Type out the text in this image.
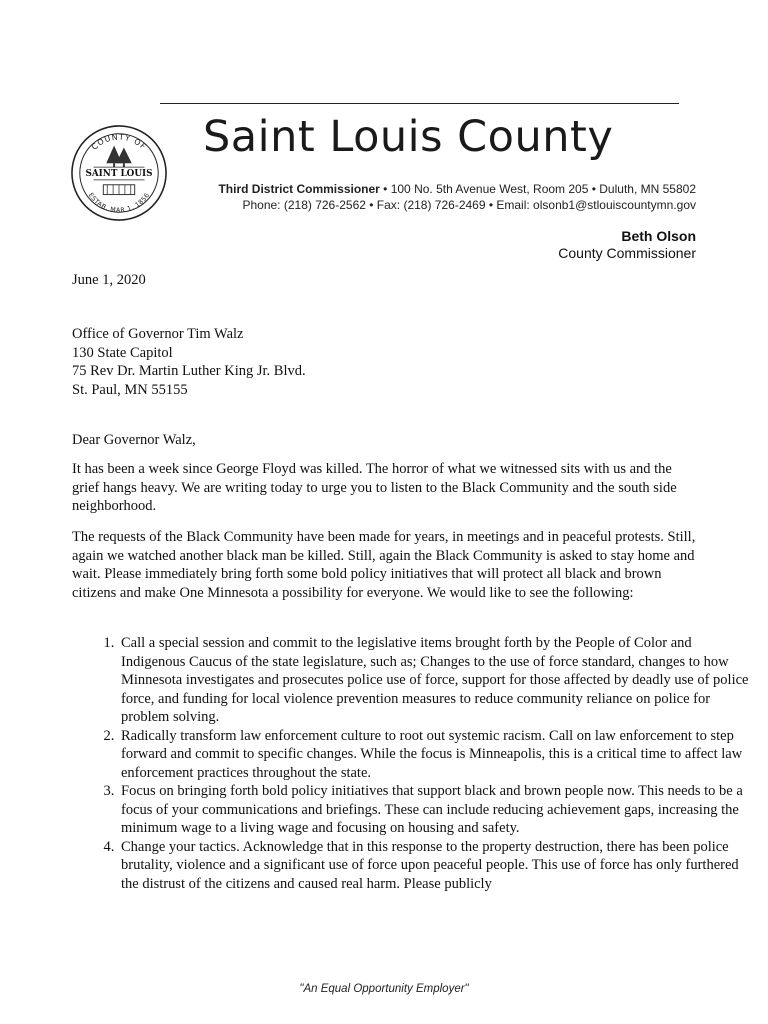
COUNTY OF
ESTAB. MAR 1, 1856
SAINT LOUIS
Saint Louis County
Third District Commissioner • 100 No. 5th Avenue West, Room 205 • Duluth, MN 55802
Phone: (218) 726-2562 • Fax: (218) 726-2469 • Email: olsonb1@stlouiscountymn.gov
Beth Olson
County Commissioner
June 1, 2020
Office of Governor Tim Walz
130 State Capitol
75 Rev Dr. Martin Luther King Jr. Blvd.
St. Paul, MN 55155
Dear Governor Walz,
It has been a week since George Floyd was killed. The horror of what we witnessed sits with us and the grief hangs heavy. We are writing today to urge you to listen to the Black Community and the south side neighborhood.
The requests of the Black Community have been made for years, in meetings and in peaceful protests. Still, again we watched another black man be killed. Still, again the Black Community is asked to stay home and wait. Please immediately bring forth some bold policy initiatives that will protect all black and brown citizens and make One Minnesota a possibility for everyone. We would like to see the following:
1. Call a special session and commit to the legislative items brought forth by the People of Color and Indigenous Caucus of the state legislature, such as; Changes to the use of force standard, changes to how Minnesota investigates and prosecutes police use of force, support for those affected by deadly use of police force, and funding for local violence prevention measures to reduce community reliance on police for problem solving.
2. Radically transform law enforcement culture to root out systemic racism. Call on law enforcement to step forward and commit to specific changes. While the focus is Minneapolis, this is a critical time to affect law enforcement practices throughout the state.
3. Focus on bringing forth bold policy initiatives that support black and brown people now. This needs to be a focus of your communications and briefings. These can include reducing achievement gaps, increasing the minimum wage to a living wage and focusing on housing and safety.
4. Change your tactics. Acknowledge that in this response to the property destruction, there has been police brutality, violence and a significant use of force upon peaceful people. This use of force has only furthered the distrust of the citizens and caused real harm. Please publicly
"An Equal Opportunity Employer"
